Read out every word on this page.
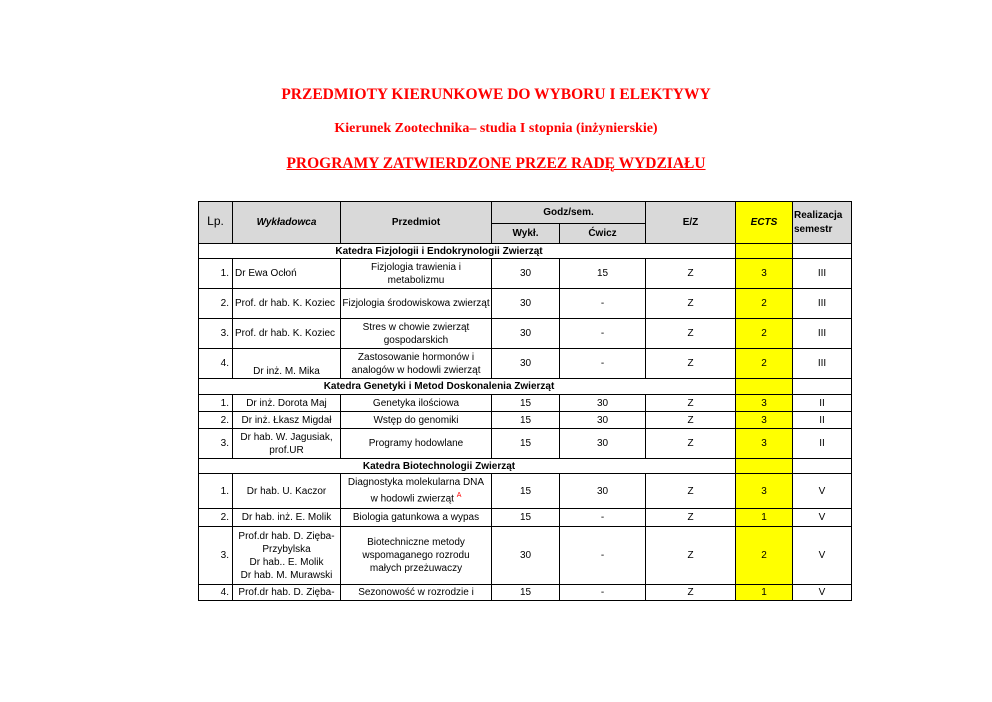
PRZEDMIOTY KIERUNKOWE DO WYBORU I ELEKTYWY
Kierunek Zootechnika– studia I stopnia (inżynierskie)
PROGRAMY ZATWIERDZONE PRZEZ RADĘ WYDZIAŁU
Lp.	Wykładowca	Przedmiot	Godz/sem.		E/Z	ECTS	Realizacja
semestr
			Wykł.	Ćwicz			
	Katedra Fizjologii i Endokrynologii Zwierząt						
1.	Dr Ewa Ocłoń	Fizjologia trawienia i metabolizmu	30	15	Z	3	III
2.	Prof. dr hab. K. Koziec	Fizjologia środowiskowa zwierząt	30	-	Z	2	III
3.	Prof. dr hab. K. Koziec	Stres w chowie zwierząt gospodarskich	30	-	Z	2	III
4.	Dr inż. M. Mika	Zastosowanie hormonów i analogów w hodowli zwierząt	30	-	Z	2	III
	Katedra Genetyki i Metod Doskonalenia Zwierząt						
1.	Dr inż. Dorota Maj	Genetyka ilościowa	15	30	Z	3	II
2.	Dr inż. Łkasz Migdał	Wstęp do genomiki	15	30	Z	3	II
3.	Dr hab. W. Jagusiak, prof.UR	Programy hodowlane	15	30	Z	3	II
	Katedra Biotechnologii Zwierząt						
1.	Dr hab. U. Kaczor	Diagnostyka molekularna DNA
w hodowli zwierząt $^A$	15	30	Z	3	V
2.	Dr hab. inż. E. Molik	Biologia gatunkowa a wypas	15	-	Z	1	V
3.	Prof.dr hab. D. Zięba-
Przybylska
Dr hab.. E. Molik
Dr hab. M. Murawski	Biotechniczne metody wspomaganego rozrodu małych przeżuwaczy	30	-	Z	2	V
4.	Prof.dr hab. D. Zięba-	Sezonowość w rozrodzie i	15	-	Z	1	V
